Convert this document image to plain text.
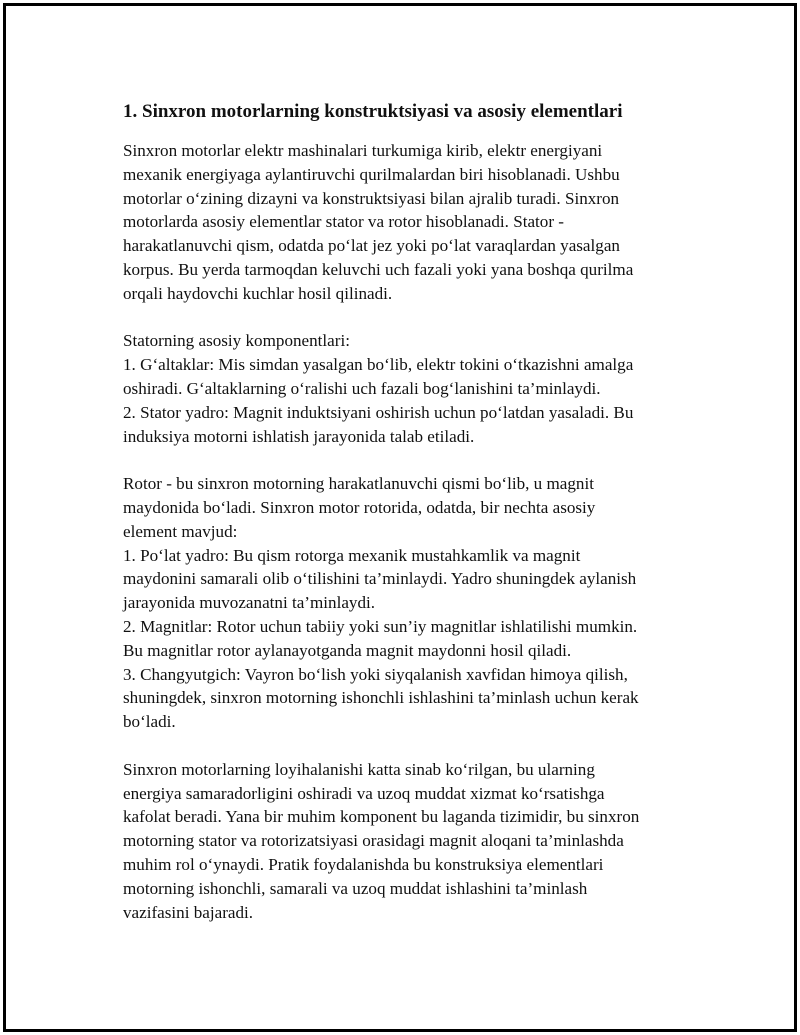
1. Sinxron motorlarning konstruktsiyasi va asosiy elementlari

Sinxron motorlar elektr mashinalari turkumiga kirib, elektr energiyani
mexanik energiyaga aylantiruvchi qurilmalardan biri hisoblanadi. Ushbu
motorlar o‘zining dizayni va konstruktsiyasi bilan ajralib turadi. Sinxron
motorlarda asosiy elementlar stator va rotor hisoblanadi. Stator -
harakatlanuvchi qism, odatda po‘lat jez yoki po‘lat varaqlardan yasalgan
korpus. Bu yerda tarmoqdan keluvchi uch fazali yoki yana boshqa qurilma
orqali haydovchi kuchlar hosil qilinadi.

Statorning asosiy komponentlari:
1. G‘altaklar: Mis simdan yasalgan bo‘lib, elektr tokini o‘tkazishni amalga
oshiradi. G‘altaklarning o‘ralishi uch fazali bog‘lanishini ta’minlaydi.
2. Stator yadro: Magnit induktsiyani oshirish uchun po‘latdan yasaladi. Bu
induksiya motorni ishlatish jarayonida talab etiladi.

Rotor - bu sinxron motorning harakatlanuvchi qismi bo‘lib, u magnit
maydonida bo‘ladi. Sinxron motor rotorida, odatda, bir nechta asosiy
element mavjud:
1. Po‘lat yadro: Bu qism rotorga mexanik mustahkamlik va magnit
maydonini samarali olib o‘tilishini ta’minlaydi. Yadro shuningdek aylanish
jarayonida muvozanatni ta’minlaydi.
2. Magnitlar: Rotor uchun tabiiy yoki sun’iy magnitlar ishlatilishi mumkin.
Bu magnitlar rotor aylanayotganda magnit maydonni hosil qiladi.
3. Changyutgich: Vayron bo‘lish yoki siyqalanish xavfidan himoya qilish,
shuningdek, sinxron motorning ishonchli ishlashini ta’minlash uchun kerak
bo‘ladi.

Sinxron motorlarning loyihalanishi katta sinab ko‘rilgan, bu ularning
energiya samaradorligini oshiradi va uzoq muddat xizmat ko‘rsatishga
kafolat beradi. Yana bir muhim komponent bu laganda tizimidir, bu sinxron
motorning stator va rotorizatsiyasi orasidagi magnit aloqani ta’minlashda
muhim rol o‘ynaydi. Pratik foydalanishda bu konstruksiya elementlari
motorning ishonchli, samarali va uzoq muddat ishlashini ta’minlash
vazifasini bajaradi.
